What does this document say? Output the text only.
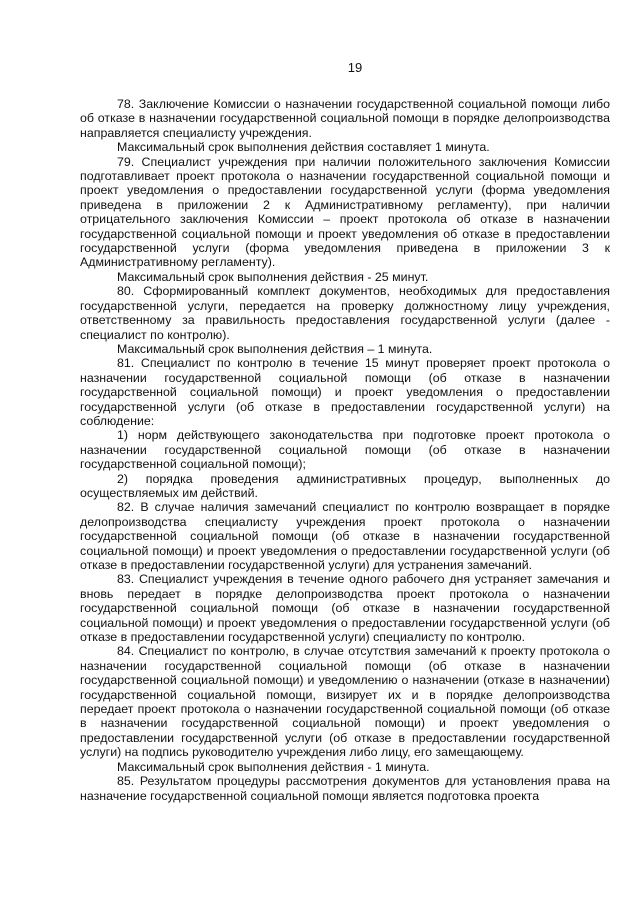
19

78. Заключение Комиссии о назначении государственной социальной помощи либо об отказе в назначении государственной социальной помощи в порядке делопроизводства направляется специалисту учреждения.

Максимальный срок выполнения действия составляет 1 минута.

79. Специалист учреждения при наличии положительного заключения Комиссии подготавливает проект протокола о назначении государственной социальной помощи и проект уведомления о предоставлении государственной услуги (форма уведомления приведена в приложении 2 к Административному регламенту), при наличии отрицательного заключения Комиссии – проект протокола об отказе в назначении государственной социальной помощи и проект уведомления об отказе в предоставлении государственной услуги (форма уведомления приведена в приложении 3 к Административному регламенту).

Максимальный срок выполнения действия - 25 минут.

80. Сформированный комплект документов, необходимых для предоставления государственной услуги, передается на проверку должностному лицу учреждения, ответственному за правильность предоставления государственной услуги (далее - специалист по контролю).

Максимальный срок выполнения действия – 1 минута.

81. Специалист по контролю в течение 15 минут проверяет проект протокола о назначении государственной социальной помощи (об отказе в назначении государственной социальной помощи) и проект уведомления о предоставлении государственной услуги (об отказе в предоставлении государственной услуги) на соблюдение:

1) норм действующего законодательства при подготовке проект протокола о назначении государственной социальной помощи (об отказе в назначении государственной социальной помощи);

2) порядка проведения административных процедур, выполненных до осуществляемых им действий.

82. В случае наличия замечаний специалист по контролю возвращает в порядке делопроизводства специалисту учреждения проект протокола о назначении государственной социальной помощи (об отказе в назначении государственной социальной помощи) и проект уведомления о предоставлении государственной услуги (об отказе в предоставлении государственной услуги) для устранения замечаний.

83. Специалист учреждения в течение одного рабочего дня устраняет замечания и вновь передает в порядке делопроизводства проект протокола о назначении государственной социальной помощи (об отказе в назначении государственной социальной помощи) и проект уведомления о предоставлении государственной услуги (об отказе в предоставлении государственной услуги) специалисту по контролю.

84. Специалист по контролю, в случае отсутствия замечаний к проекту протокола о назначении государственной социальной помощи (об отказе в назначении государственной социальной помощи) и уведомлению о назначении (отказе в назначении) государственной социальной помощи, визирует их и в порядке делопроизводства передает проект протокола о назначении государственной социальной помощи (об отказе в назначении государственной социальной помощи) и проект уведомления о предоставлении государственной услуги (об отказе в предоставлении государственной услуги) на подпись руководителю учреждения либо лицу, его замещающему.

Максимальный срок выполнения действия - 1 минута.

85. Результатом процедуры рассмотрения документов для установления права на назначение государственной социальной помощи является подготовка проекта
